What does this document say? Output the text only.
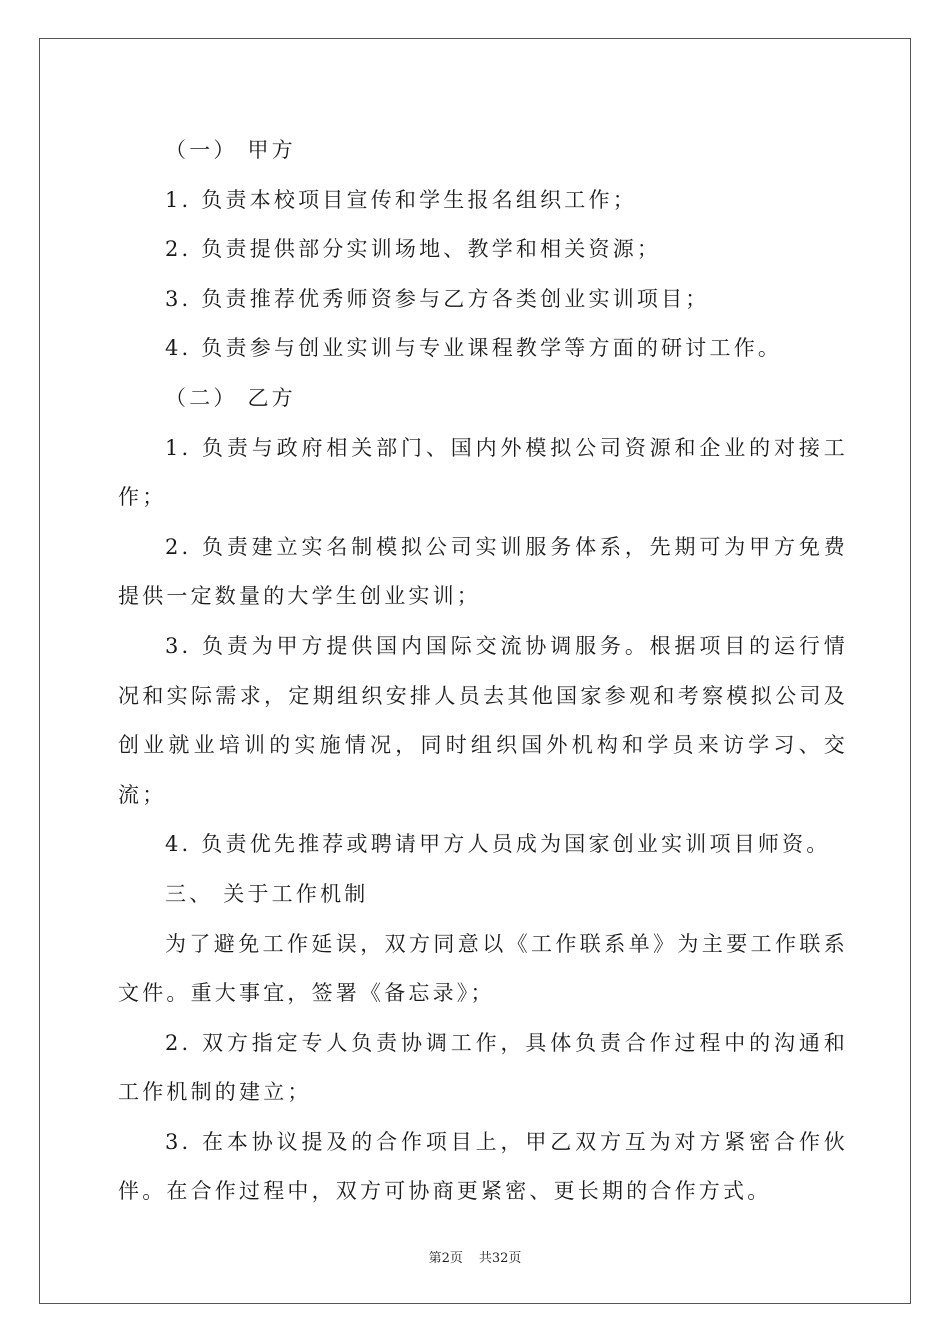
（一） 甲方

1. 负责本校项目宣传和学生报名组织工作；

2. 负责提供部分实训场地、教学和相关资源；

3. 负责推荐优秀师资参与乙方各类创业实训项目；

4. 负责参与创业实训与专业课程教学等方面的研讨工作。

（二） 乙方

1. 负责与政府相关部门、国内外模拟公司资源和企业的对接工作；

2. 负责建立实名制模拟公司实训服务体系，先期可为甲方免费提供一定数量的大学生创业实训；

3. 负责为甲方提供国内国际交流协调服务。根据项目的运行情况和实际需求，定期组织安排人员去其他国家参观和考察模拟公司及创业就业培训的实施情况，同时组织国外机构和学员来访学习、交流；

4. 负责优先推荐或聘请甲方人员成为国家创业实训项目师资。

三、 关于工作机制

为了避免工作延误，双方同意以《工作联系单》为主要工作联系文件。重大事宜，签署《备忘录》；

2. 双方指定专人负责协调工作，具体负责合作过程中的沟通和工作机制的建立；

3. 在本协议提及的合作项目上，甲乙双方互为对方紧密合作伙伴。在合作过程中，双方可协商更紧密、更长期的合作方式。

第2页 共32页
